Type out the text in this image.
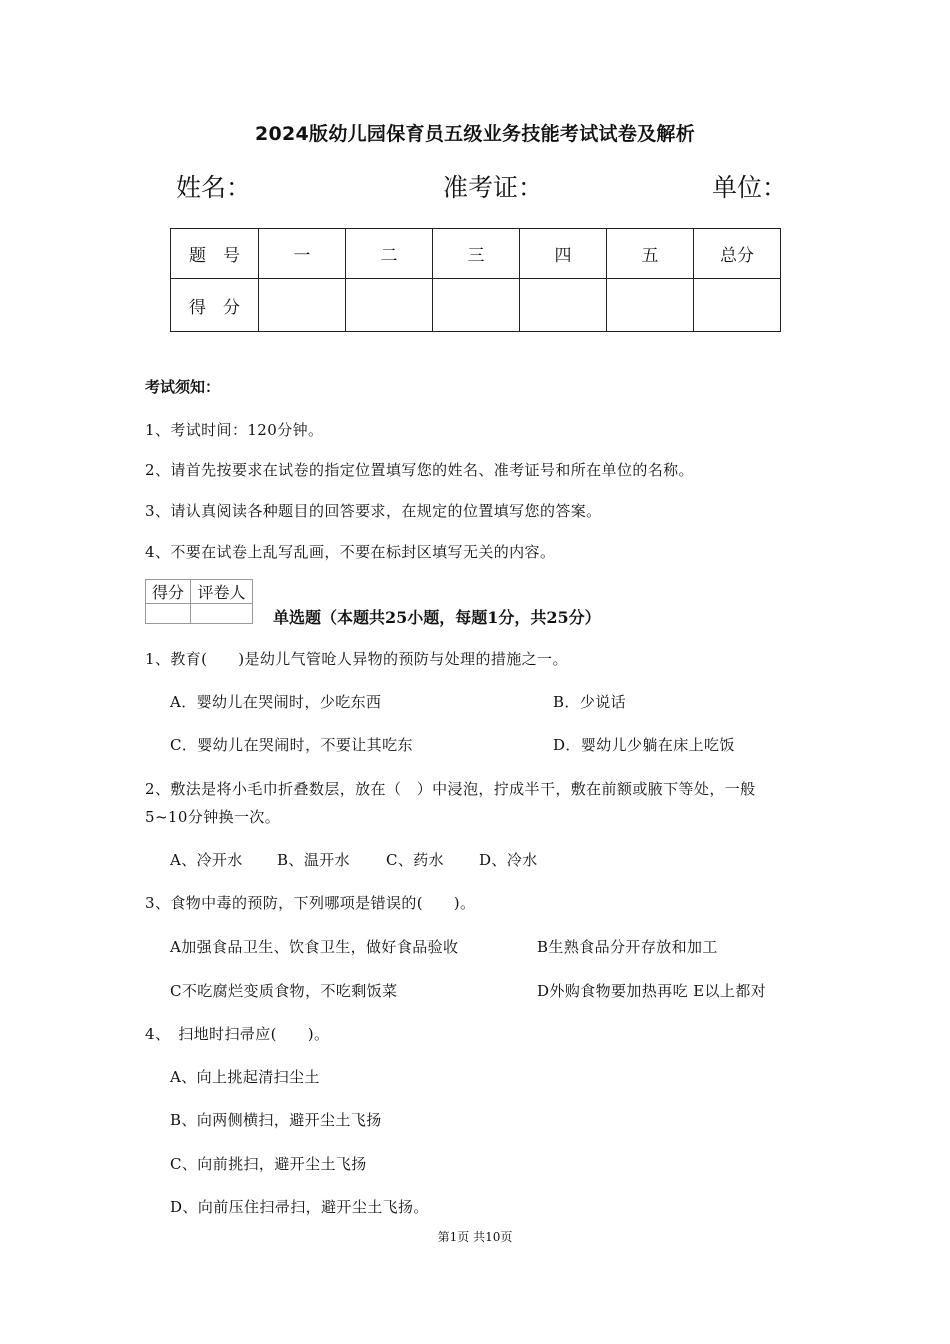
2024版幼儿园保育员五级业务技能考试试卷及解析
姓名：	准考证：	单位：
题　号	一	二	三	四	五	总分
得　分						
考试须知：
1、考试时间：120分钟。
2、请首先按要求在试卷的指定位置填写您的姓名、准考证号和所在单位的名称。
3、请认真阅读各种题目的回答要求，在规定的位置填写您的答案。
4、不要在试卷上乱写乱画，不要在标封区填写无关的内容。
得分	评卷人

单选题（本题共25小题，每题1分，共25分）
1、教育(　　)是幼儿气管呛人异物的预防与处理的措施之一。
A．婴幼儿在哭闹时，少吃东西	B．少说话
C．婴幼儿在哭闹时，不要让其吃东	D．婴幼儿少躺在床上吃饭
2、敷法是将小毛巾折叠数层，放在（　）中浸泡，拧成半干，敷在前额或腋下等处，一般
5~10分钟换一次。
A、冷开水 B、温开水 C、药水 D、冷水
3、食物中毒的预防，下列哪项是错误的(　　)。
A加强食品卫生、饮食卫生，做好食品验收	B生熟食品分开存放和加工
C不吃腐烂变质食物，不吃剩饭菜	D外购食物要加热再吃 E以上都对
4、　扫地时扫帚应(　　)。
A、向上挑起清扫尘土
B、向两侧横扫，避开尘土飞扬
C、向前挑扫，避开尘土飞扬
D、向前压住扫帚扫，避开尘土飞扬。
第1页 共10页
